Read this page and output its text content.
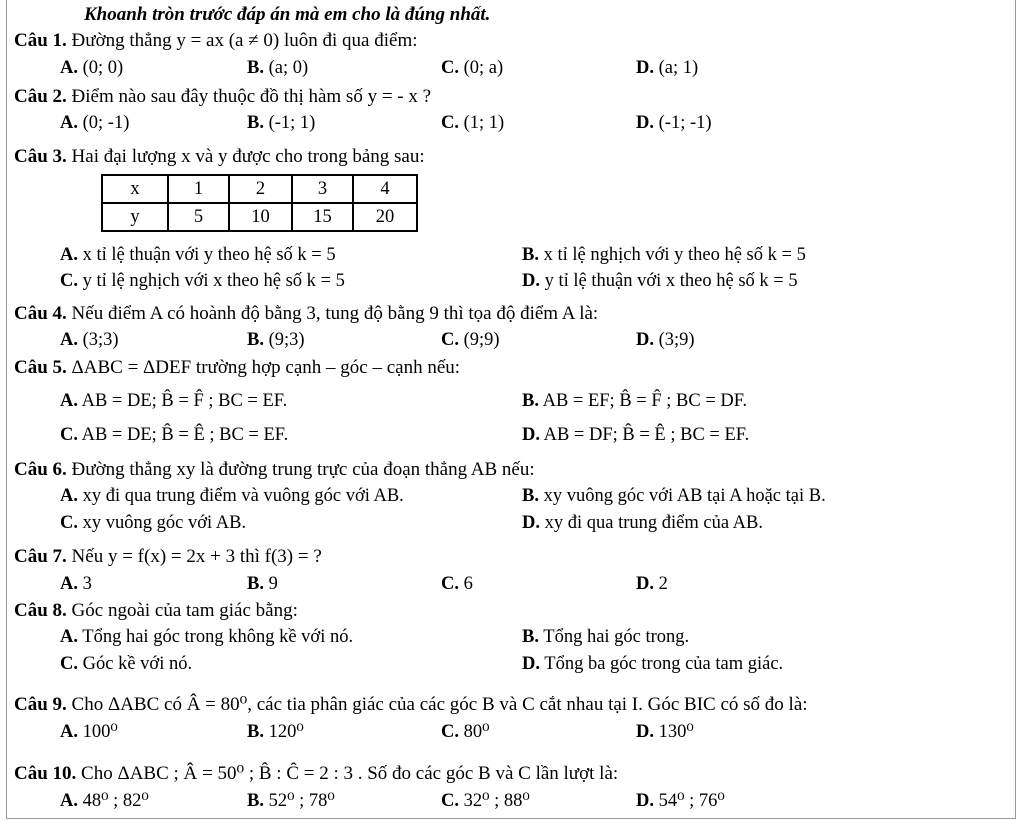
Khoanh tròn trước đáp án mà em cho là đúng nhất.
Câu 1. Đường thẳng y = ax (a ≠ 0) luôn đi qua điểm:
A. (0; 0)	B. (a; 0)	C. (0; a)	D. (a; 1)
Câu 2. Điểm nào sau đây thuộc đồ thị hàm số y = - x ?
A. (0; -1)	B. (-1; 1)	C. (1; 1)	D. (-1; -1)
Câu 3. Hai đại lượng x và y được cho trong bảng sau:
x	1	2	3	4
y	5	10	15	20
A. x tỉ lệ thuận với y theo hệ số k = 5	B. x tỉ lệ nghịch với y theo hệ số k = 5
C. y tỉ lệ nghịch với x theo hệ số k = 5	D. y tỉ lệ thuận với x theo hệ số k = 5
Câu 4. Nếu điểm A có hoành độ bằng 3, tung độ bằng 9 thì tọa độ điểm A là:
A. (3;3)	B. (9;3)	C. (9;9)	D. (3;9)
Câu 5. ΔABC = ΔDEF trường hợp cạnh – góc – cạnh nếu:
A. AB = DE; B̂ = F̂ ; BC = EF.	B. AB = EF; B̂ = F̂ ; BC = DF.
C. AB = DE; B̂ = Ê ; BC = EF.	D. AB = DF; B̂ = Ê ; BC = EF.
Câu 6. Đường thẳng xy là đường trung trực của đoạn thẳng AB nếu:
A. xy đi qua trung điểm và vuông góc với AB.	B. xy vuông góc với AB tại A hoặc tại B.
C. xy vuông góc với AB.	D. xy đi qua trung điểm của AB.
Câu 7. Nếu y = f(x) = 2x + 3 thì f(3) = ?
A. 3	B. 9	C. 6	D. 2
Câu 8. Góc ngoài của tam giác bằng:
A. Tổng hai góc trong không kề với nó.	B. Tổng hai góc trong.
C. Góc kề với nó.	D. Tổng ba góc trong của tam giác.
Câu 9. Cho ΔABC có Â = 80⁰, các tia phân giác của các góc B và C cắt nhau tại I. Góc BIC có số đo là:
A. 100⁰	B. 120⁰	C. 80⁰	D. 130⁰
Câu 10. Cho ΔABC ; Â = 50⁰ ; B̂ : Ĉ = 2 : 3 . Số đo các góc B và C lần lượt là:
A. 48⁰ ; 82⁰	B. 52⁰ ; 78⁰	C. 32⁰ ; 88⁰	D. 54⁰ ; 76⁰
